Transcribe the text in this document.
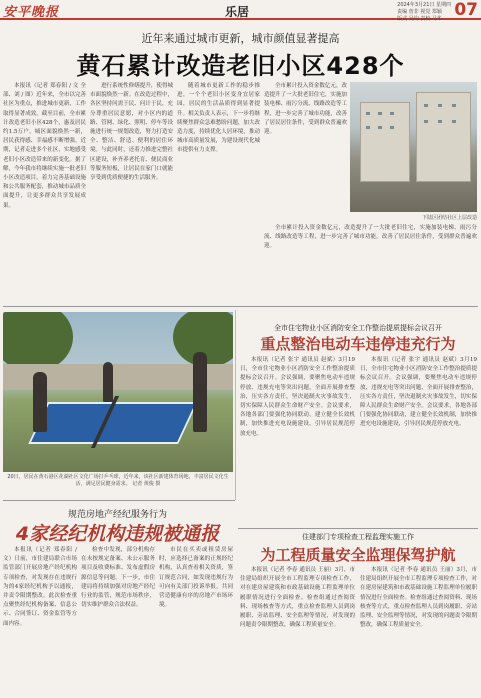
安平晚报	乐居	2024年3月21日 星期四
责编 詹非 视觉 郑颖
版式 吴均 责校 马华 07
近年来通过城市更新，城市颜值显著提高
黄石累计改造老旧小区428个

本报讯（记者 郑春阳 / 文 全部、刘 / 图）近年来，全市以完善社区为重点，推进城市更新，工作取得显著成效。截至目前，全市累计改造老旧小区428个，惠及居民约1.5万户，城区面貌焕然一新，居民获得感、幸福感不断增强。近期，记者走进多个社区，实地感受老旧小区改造带来的新变化。据了解，今年我市将继续实施一批老旧小区改造项目，着力完善基础设施和公共服务配套，推动城市品质全面提升，让更多群众共享发展成果。

进行系统性修缮提升，使得城市面貌焕然一新。在改造过程中，各区坚持问需于民、问计于民，充分尊重居民意愿，对小区内的道路、管网、绿化、照明、停车等设施进行统一规划改造，努力打造安全、整洁、舒适、便利的居住环境。与此同时，还着力推进完整社区建设，补齐养老托育、便民商业等服务短板，让居民在家门口就能享受到优质便捷的生活服务。

随着城市更新工作的稳步推进，一个个老旧小区变身宜居家园，居民的生活品质得到显著提升。相关负责人表示，下一步将继续聚焦群众急难愁盼问题，加大改造力度，持续优化人居环境，推动城市高质量发展，为建设现代化城市提供有力支撑。

全市累计投入资金数亿元，改造提升了一大批老旧住宅，实施加装电梯、雨污分流、线路改造等工程，进一步完善了城市功能，改善了居民居住条件，受到群众普遍欢迎。

全市累计投入资金数亿元，改造提升了一大批老旧住宅，实施加装电梯、雨污分流、线路改造等工程，进一步完善了城市功能，改善了居民居住条件，受到群众普遍欢迎。

下陆区团结社区上层改造
20日，居民在黄石港区花湖社区文化广场打乒乓球，近年来，该社区新建体育场地，丰富居民文化生活，满足居民健身需求。 记者 黄俊 摄
全市住宅物业小区消防安全工作整治提质提标会议召开
重点整治电动车违停违充行为

本报讯（记者 张宇 通讯员 赵斌）3月19日，全市住宅物业小区消防安全工作整治提质提标会议召开。会议强调，要聚焦电动车违规停放、违规充电等突出问题，全面开展排查整治，压实各方责任，坚决遏制火灾事故发生，切实保障人民群众生命财产安全。会议要求，各地各部门要强化协同联动，建立健全长效机制，加快推进充电设施建设，引导居民规范停放充电。

本报讯（记者 张宇 通讯员 赵斌）3月19日，全市住宅物业小区消防安全工作整治提质提标会议召开。会议强调，要聚焦电动车违规停放、违规充电等突出问题，全面开展排查整治，压实各方责任，坚决遏制火灾事故发生，切实保障人民群众生命财产安全。会议要求，各地各部门要强化协同联动，建立健全长效机制，加快推进充电设施建设，引导居民规范停放充电。

住建部门专项检查工程监理实施工作
为工程质量安全监理保驾护航

本报讯（记者 李春 通讯员 王丽）3月，市住建局组织开展全市工程监理专项检查工作，对在建房屋建筑和市政基础设施工程监理单位履职情况进行全面检查。检查组通过查阅资料、现场核查等方式，重点检查监理人员到岗履职、旁站监理、安全监理等情况，对发现的问题责令限期整改，确保工程质量安全。

本报讯（记者 李春 通讯员 王丽）3月，市住建局组织开展全市工程监理专项检查工作，对在建房屋建筑和市政基础设施工程监理单位履职情况进行全面检查。检查组通过查阅资料、现场核查等方式，重点检查监理人员到岗履职、旁站监理、安全监理等情况，对发现的问题责令限期整改，确保工程质量安全。

规范房地产经纪服务行为
4家经纪机构违规被通报

本报讯（记者 郑春阳 / 文）日前，市住建局联合市场监管部门开展房地产经纪机构专项检查，对发现存在违规行为的4家经纪机构予以通报，并责令限期整改。此次检查重点聚焦经纪机构备案、信息公示、合同签订、资金监管等方面内容。

检查中发现，部分机构存在未按规定备案、未公示服务项目及收费标准、发布虚假房源信息等问题。下一步，市住建局将持续加强对房地产经纪行业的监管，规范市场秩序，切实维护群众合法权益。

市民在买卖或租赁房屋时，应选择已备案的正规经纪机构，认真查看相关资质，签订规范合同，如发现违规行为可向有关部门投诉举报，共同营造健康有序的房地产市场环境。
